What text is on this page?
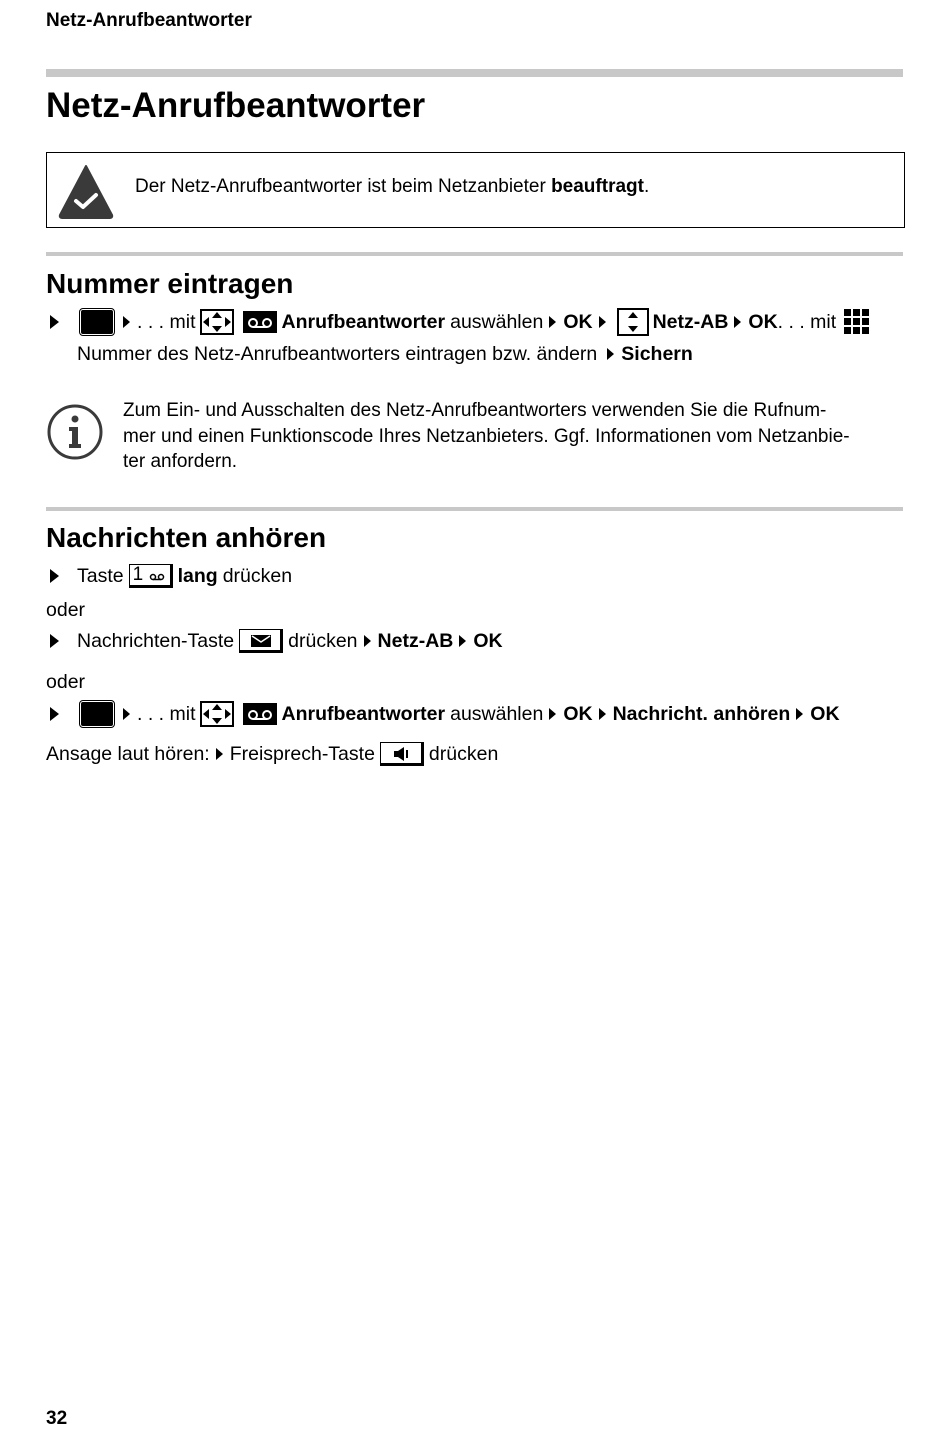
Netz-Anrufbeantworter
Netz-Anrufbeantworter
Der Netz-Anrufbeantworter ist beim Netzanbieter beauftragt.
Nummer eintragen
. . . mit	Anrufbeantworter auswählen OK	Netz-AB OK . . . mit
Nummer des Netz-Anrufbeantworters eintragen bzw. ändern Sichern
Zum Ein- und Ausschalten des Netz-Anrufbeantworters verwenden Sie die Rufnum-
mer und einen Funktionscode Ihres Netzanbieters. Ggf. Informationen vom Netzanbie-
ter anfordern.
Nachrichten anhören
Taste 1	lang drücken
oder
Nachrichten-Taste	drücken Netz-AB OK
oder
. . . mit	Anrufbeantworter auswählen OK Nachricht. anhören OK
Ansage laut hören: Freisprech-Taste	drücken
32
